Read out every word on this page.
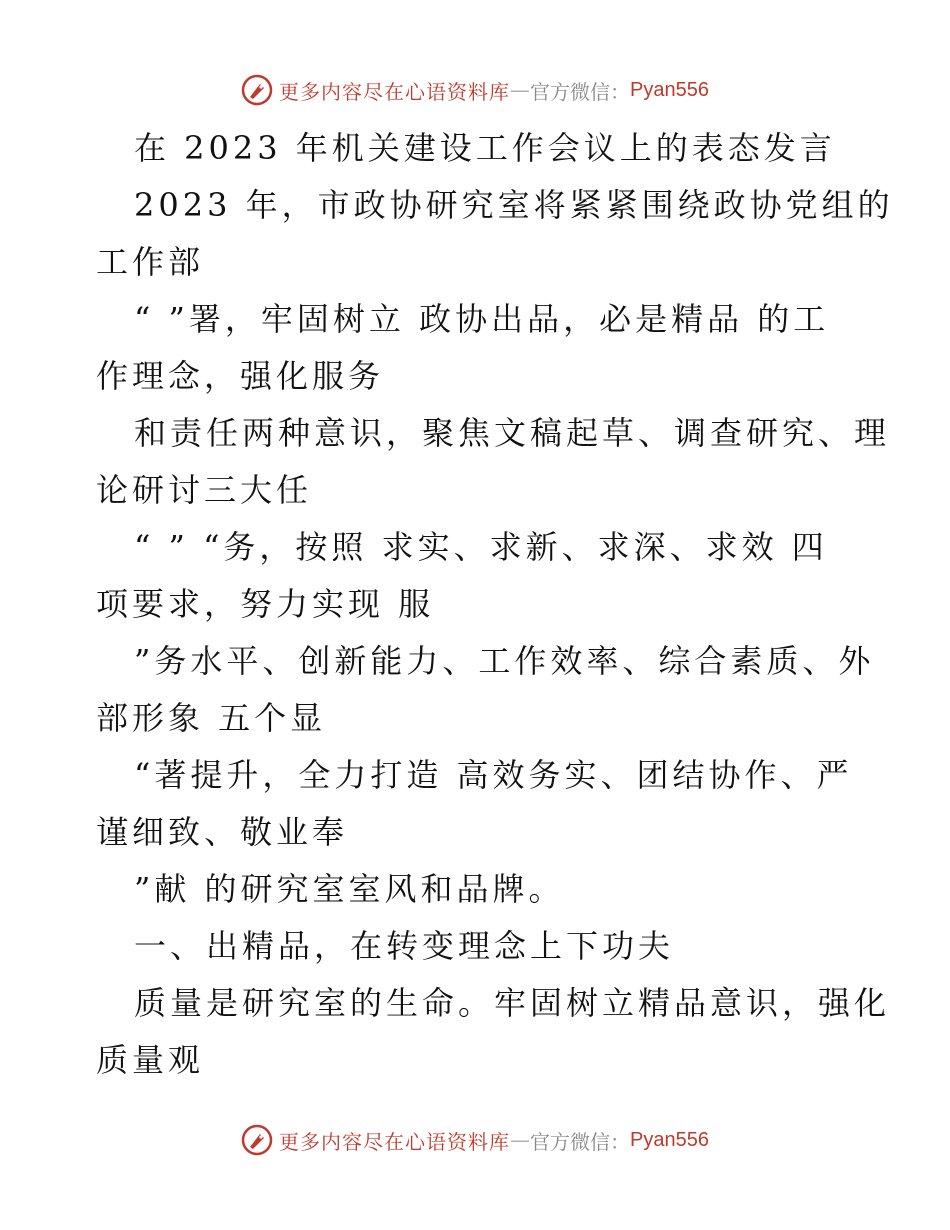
更多内容尽在心语资料库 — 官方微信： Pyan556
在 2023 年机关建设工作会议上的表态发言
2023 年，市政协研究室将紧紧围绕政协党组的
工作部
“ ”署，牢固树立 政协出品，必是精品 的工
作理念，强化服务
和责任两种意识，聚焦文稿起草、调查研究、理
论研讨三大任
“ ” “务，按照 求实、求新、求深、求效 四
项要求，努力实现 服
”务水平、创新能力、工作效率、综合素质、外
部形象 五个显
“著提升，全力打造 高效务实、团结协作、严
谨细致、敬业奉
”献 的研究室室风和品牌。
一、出精品，在转变理念上下功夫
质量是研究室的生命。牢固树立精品意识，强化
质量观
更多内容尽在心语资料库 — 官方微信： Pyan556
